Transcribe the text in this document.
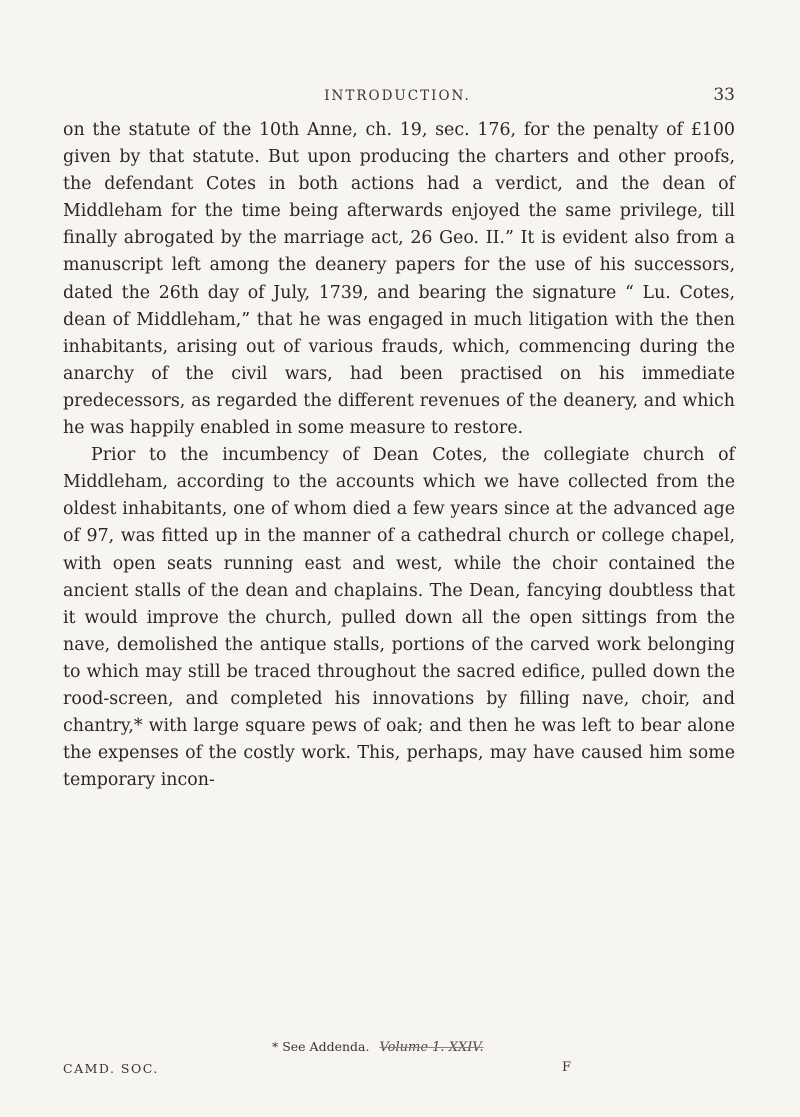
INTRODUCTION.	33

on the statute of the 10th Anne, ch. 19, sec. 176, for the penalty of £100 given by that statute. But upon producing the charters and other proofs, the defendant Cotes in both actions had a verdict, and the dean of Middleham for the time being afterwards enjoyed the same privilege, till finally abrogated by the marriage act, 26 Geo. II.” It is evident also from a manuscript left among the deanery papers for the use of his successors, dated the 26th day of July, 1739, and bearing the signature “ Lu. Cotes, dean of Middleham,” that he was engaged in much litigation with the then inhabitants, arising out of various frauds, which, commencing during the anarchy of the civil wars, had been practised on his immediate predecessors, as regarded the different revenues of the deanery, and which he was happily enabled in some measure to restore.

Prior to the incumbency of Dean Cotes, the collegiate church of Middleham, according to the accounts which we have collected from the oldest inhabitants, one of whom died a few years since at the advanced age of 97, was fitted up in the manner of a cathedral church or college chapel, with open seats running east and west, while the choir contained the ancient stalls of the dean and chaplains. The Dean, fancying doubtless that it would improve the church, pulled down all the open sittings from the nave, demolished the antique stalls, portions of the carved work belonging to which may still be traced throughout the sacred edifice, pulled down the rood-screen, and completed his innovations by filling nave, choir, and chantry,* with large square pews of oak; and then he was left to bear alone the expenses of the costly work. This, perhaps, may have caused him some temporary incon-

* See Addenda. Volume 1. XXIV.
CAMD. SOC.	F
